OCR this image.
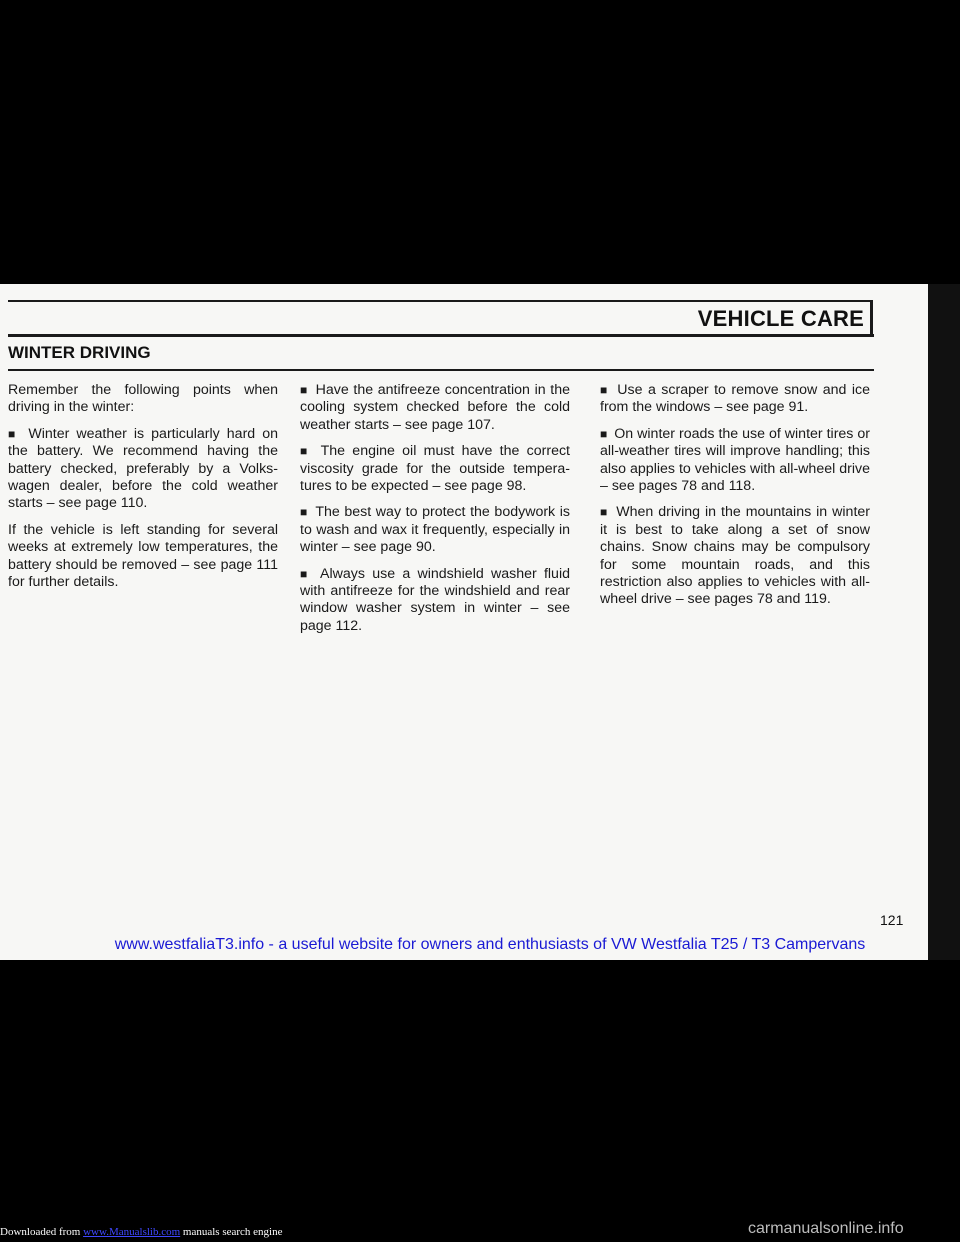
VEHICLE CARE
WINTER DRIVING

Remember the following points when driving in the winter:

■ Winter weather is particularly hard on the battery. We recommend having the battery checked, preferably by a Volkswagen dealer, before the cold weather starts – see page 110.

If the vehicle is left standing for several weeks at extremely low temperatures, the battery should be removed – see page 111 for further details.

■ Have the antifreeze concentration in the cooling system checked before the cold weather starts – see page 107.

■ The engine oil must have the correct viscosity grade for the outside temperatures to be expected – see page 98.

■ The best way to protect the bodywork is to wash and wax it frequently, especially in winter – see page 90.

■ Always use a windshield washer fluid with antifreeze for the windshield and rear window washer system in winter – see page 112.

■ Use a scraper to remove snow and ice from the windows – see page 91.

■ On winter roads the use of winter tires or all-weather tires will improve handling; this also applies to vehicles with all-wheel drive – see pages 78 and 118.

■ When driving in the mountains in winter it is best to take along a set of snow chains. Snow chains may be compulsory for some mountain roads, and this restriction also applies to vehicles with all-wheel drive – see pages 78 and 119.

121
www.westfaliaT3.info - a useful website for owners and enthusiasts of VW Westfalia T25 / T3 Campervans
Downloaded from www.Manualslib.com manuals search engine	carmanualsonline.info
